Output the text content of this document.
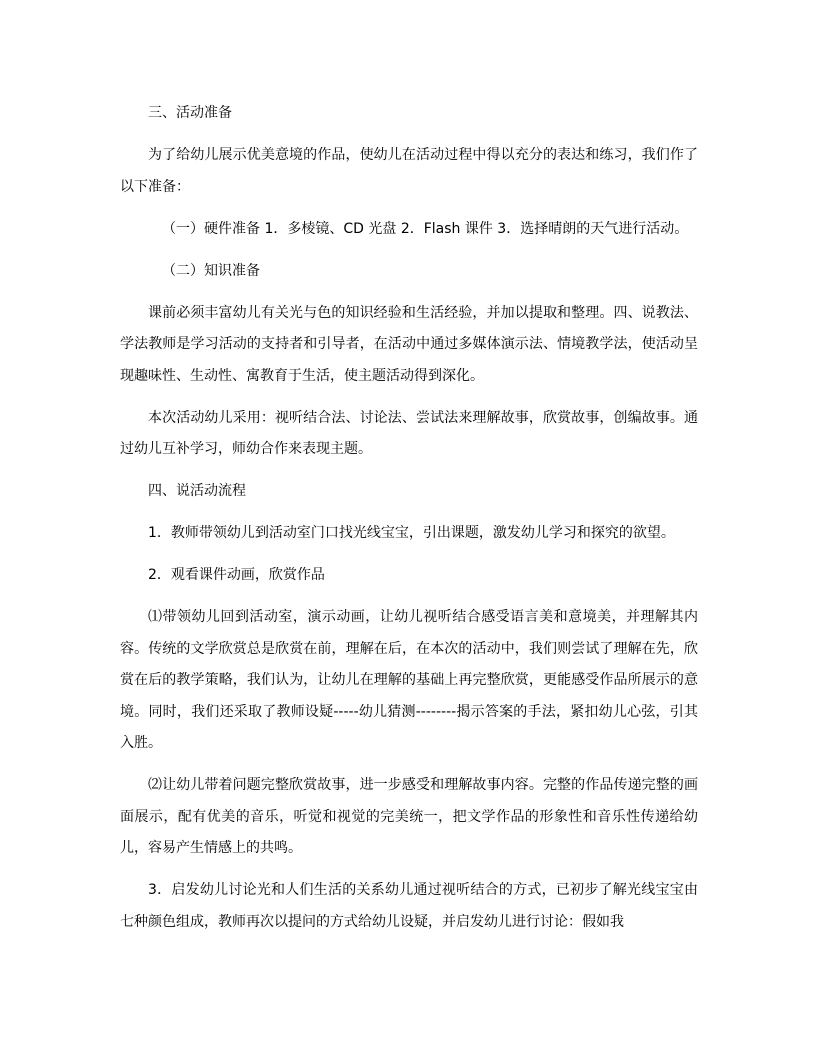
三、活动准备

为了给幼儿展示优美意境的作品，使幼儿在活动过程中得以充分的表达和练习，我们作了以下准备：

（一）硬件准备 1．多棱镜、CD 光盘 2．Flash 课件 3．选择晴朗的天气进行活动。

（二）知识准备

课前必须丰富幼儿有关光与色的知识经验和生活经验，并加以提取和整理。四、说教法、学法教师是学习活动的支持者和引导者，在活动中通过多媒体演示法、情境教学法，使活动呈现趣味性、生动性、寓教育于生活，使主题活动得到深化。

本次活动幼儿采用：视听结合法、讨论法、尝试法来理解故事，欣赏故事，创编故事。通过幼儿互补学习，师幼合作来表现主题。

四、说活动流程

1．教师带领幼儿到活动室门口找光线宝宝，引出课题，激发幼儿学习和探究的欲望。

2．观看课件动画，欣赏作品

⑴带领幼儿回到活动室，演示动画，让幼儿视听结合感受语言美和意境美，并理解其内容。传统的文学欣赏总是欣赏在前，理解在后，在本次的活动中，我们则尝试了理解在先，欣赏在后的教学策略，我们认为，让幼儿在理解的基础上再完整欣赏，更能感受作品所展示的意境。同时，我们还采取了教师设疑-----幼儿猜测--------揭示答案的手法，紧扣幼儿心弦，引其入胜。

⑵让幼儿带着问题完整欣赏故事，进一步感受和理解故事内容。完整的作品传递完整的画面展示，配有优美的音乐，听觉和视觉的完美统一，把文学作品的形象性和音乐性传递给幼儿，容易产生情感上的共鸣。

3．启发幼儿讨论光和人们生活的关系幼儿通过视听结合的方式，已初步了解光线宝宝由七种颜色组成，教师再次以提问的方式给幼儿设疑，并启发幼儿进行讨论：假如我
